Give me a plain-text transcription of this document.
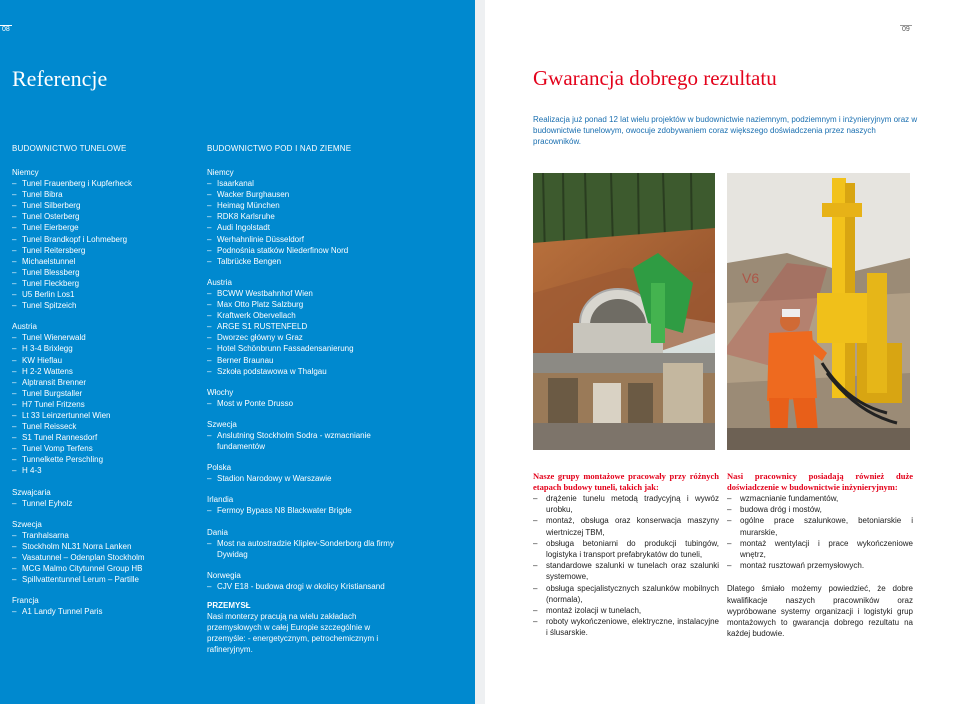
08	09
Referencje	Gwarancja dobrego rezultatu
BUDOWNICTWO TUNELOWE	BUDOWNICTWO POD I NAD ZIEMNE
Niemcy
– Tunel Frauenberg i Kupferheck
– Tunel Bibra
– Tunel Silberberg
– Tunel Osterberg
– Tunel Eierberge
– Tunel Brandkopf i Lohmeberg
– Tunel Reitersberg
– Michaelstunnel
– Tunel Blessberg
– Tunel Fleckberg
– U5 Berlin Los1
– Tunel Spitzeich
Austria
– Tunel Wienerwald
– H 3-4 Brixlegg
– KW Hieflau
– H 2-2 Wattens
– Alptransit Brenner
– Tunel Burgstaller
– H7 Tunel Fritzens
– Lt 33 Leinzertunnel Wien
– Tunel Reisseck
– S1 Tunel Rannesdorf
– Tunel Vomp Terfens
– Tunnelkette Perschling
– H 4-3
Szwajcaria
– Tunnel Eyholz
Szwecja
– Tranhalsarna
– Stockholm NL31 Norra Lanken
– Vasatunnel – Odenplan Stockholm
– MCG Malmo Citytunnel Group HB
– Spillvattentunnel Lerum – Partille
Francja
– A1 Landy Tunnel Paris
Niemcy
– Isaarkanal
– Wacker Burghausen
– Heimag München
– RDK8 Karlsruhe
– Audi Ingolstadt
– Werhahnlinie Düsseldorf
– Podnośnia statków Niederfinow Nord
– Talbrücke Bengen
Austria
– BCWW Westbahnhof Wien
– Max Otto Platz Salzburg
– Kraftwerk Obervellach
– ARGE S1 RUSTENFELD
– Dworzec główny w Graz
– Hotel Schönbrunn Fassadensanierung
– Berner Braunau
– Szkoła podstawowa w Thalgau
Włochy
– Most w Ponte Drusso
Szwecja
– Anslutning Stockholm Sodra - wzmacnianie fundamentów
Polska
– Stadion Narodowy w Warszawie
Irlandia
– Fermoy Bypass N8 Blackwater Brigde
Dania
– Most na autostradzie Kliplev-Sonderborg dla firmy Dywidag
Norwegia
– CJV E18 - budowa drogi w okolicy Kristiansand
PRZEMYSŁ
Nasi monterzy pracują na wielu zakładach przemysłowych w całej Europie szczególnie w przemyśle: - energetycznym, petrochemicznym i rafineryjnym.
Realizacja już ponad 12 lat wielu projektów w budownictwie naziemnym, podziemnym i inżynieryjnym oraz w budownictwie tunelowym, owocuje zdobywaniem coraz większego doświadczenia przez naszych pracowników.
V6
Nasze grupy montażowe pracowały przy różnych etapach budowy tuneli, takich jak:
– drążenie tunelu metodą tradycyjną i wywóz urobku,
– montaż, obsługa oraz konserwacja maszyny wiertniczej TBM,
– obsługa betoniarni do produkcji tubingów, logistyka i transport prefabrykatów do tuneli,
– standardowe szalunki w tunelach oraz szalunki systemowe,
– obsługa specjalistycznych szalunków mobilnych (normala),
– montaż izolacji w tunelach,
– roboty wykończeniowe, elektryczne, instalacyjne i ślusarskie.
Nasi pracownicy posiadają również duże doświadczenie w budownictwie inżynieryjnym:
– wzmacnianie fundamentów,
– budowa dróg i mostów,
– ogólne prace szalunkowe, betoniarskie i murarskie,
– montaż wentylacji i prace wykończeniowe wnętrz,
– montaż rusztowań przemysłowych.

Dlatego śmiało możemy powiedzieć, że dobre kwalifikacje naszych pracowników oraz wypróbowane systemy organizacji i logistyki grup montażowych to gwarancja dobrego rezultatu na każdej budowie.
